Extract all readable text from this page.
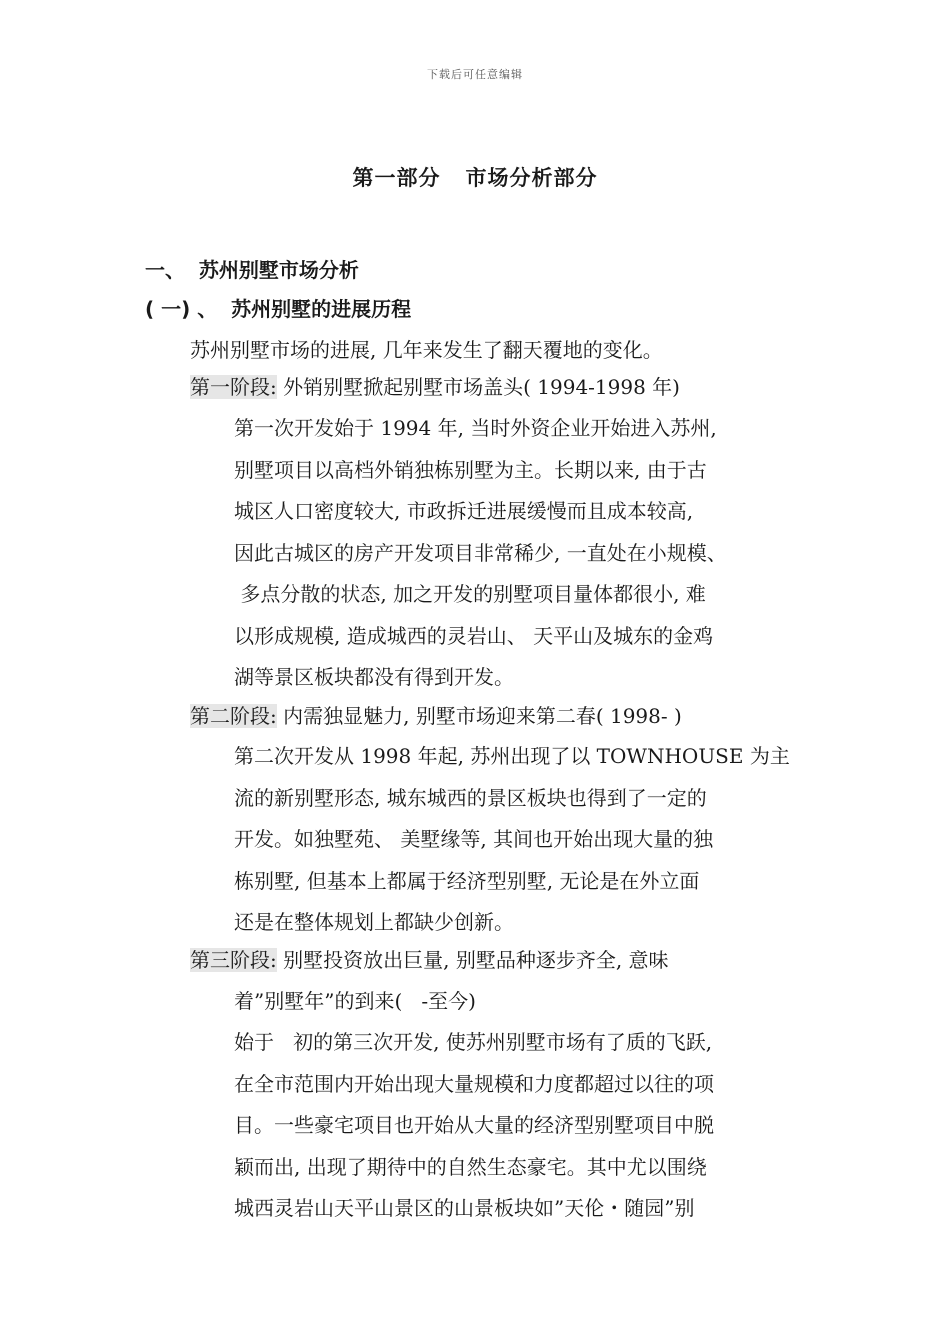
下载后可任意编辑
第一部分   市场分析部分
一、  苏州别墅市场分析
( 一) 、  苏州别墅的进展历程
苏州别墅市场的进展, 几年来发生了翻天覆地的变化。
第一阶段: 外销别墅掀起别墅市场盖头( 1994-1998 年)
第一次开发始于 1994 年, 当时外资企业开始进入苏州,
别墅项目以高档外销独栋别墅为主。长期以来, 由于古
城区人口密度较大, 市政拆迁进展缓慢而且成本较高,
因此古城区的房产开发项目非常稀少, 一直处在小规模、
多点分散的状态, 加之开发的别墅项目量体都很小, 难
以形成规模, 造成城西的灵岩山、 天平山及城东的金鸡
湖等景区板块都没有得到开发。
第二阶段: 内需独显魅力, 别墅市场迎来第二春( 1998- )
第二次开发从 1998 年起, 苏州出现了以 TOWNHOUSE 为主
流的新别墅形态, 城东城西的景区板块也得到了一定的
开发。如独墅苑、 美墅缘等, 其间也开始出现大量的独
栋别墅, 但基本上都属于经济型别墅, 无论是在外立面
还是在整体规划上都缺少创新。
第三阶段: 别墅投资放出巨量, 别墅品种逐步齐全, 意味
着”别墅年”的到来(   -至今)
始于   初的第三次开发, 使苏州别墅市场有了质的飞跃,
在全市范围内开始出现大量规模和力度都超过以往的项
目。一些豪宅项目也开始从大量的经济型别墅项目中脱
颖而出, 出现了期待中的自然生态豪宅。其中尤以围绕
城西灵岩山天平山景区的山景板块如”天伦・随园”别
